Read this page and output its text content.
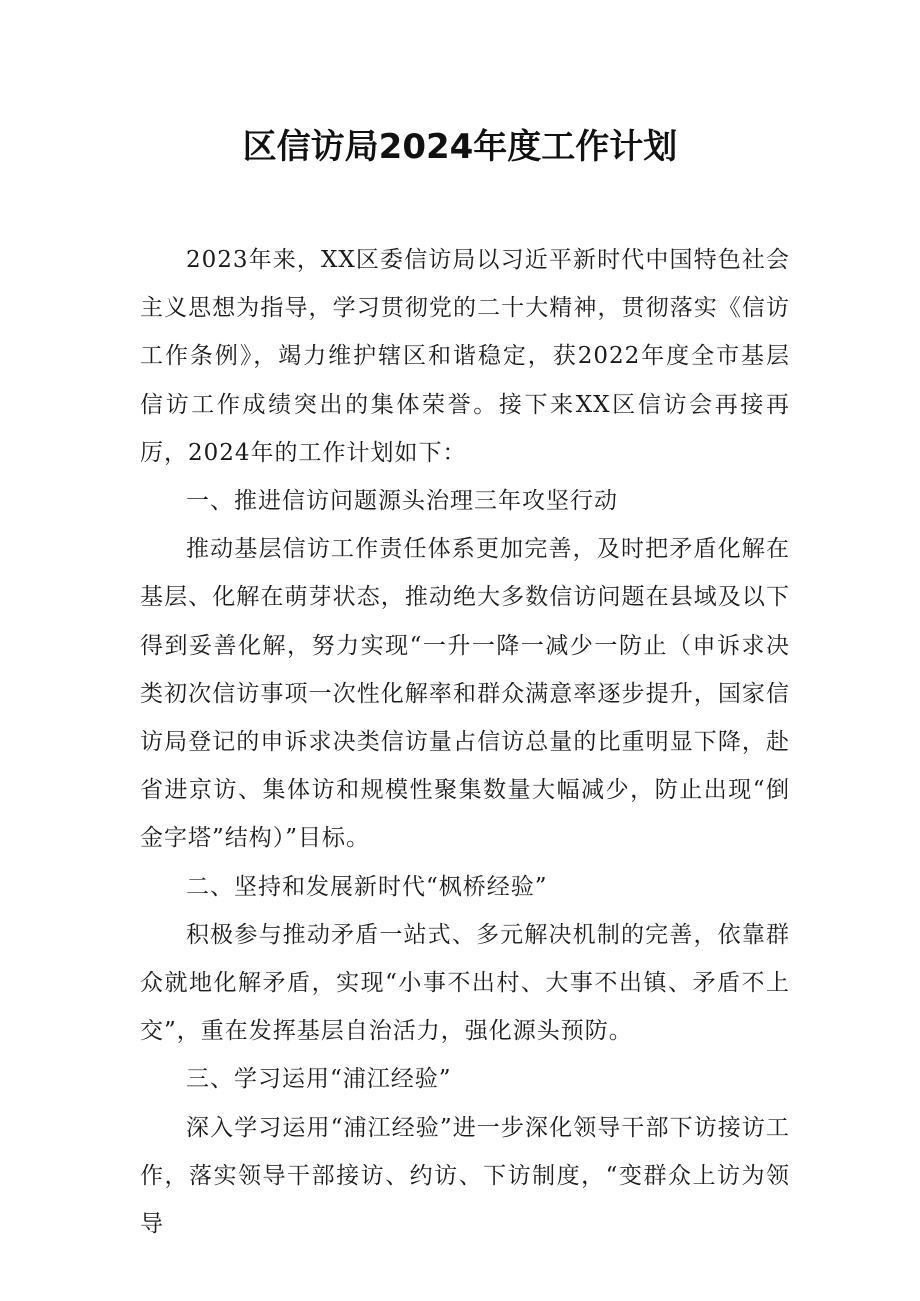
区信访局2024年度工作计划

2023年来，XX区委信访局以习近平新时代中国特色社会主义思想为指导，学习贯彻党的二十大精神，贯彻落实《信访工作条例》，竭力维护辖区和谐稳定，获2022年度全市基层信访工作成绩突出的集体荣誉。接下来XX区信访会再接再厉，2024年的工作计划如下：

一、推进信访问题源头治理三年攻坚行动

推动基层信访工作责任体系更加完善，及时把矛盾化解在基层、化解在萌芽状态，推动绝大多数信访问题在县域及以下得到妥善化解，努力实现“一升一降一减少一防止（申诉求决类初次信访事项一次性化解率和群众满意率逐步提升，国家信访局登记的申诉求决类信访量占信访总量的比重明显下降，赴省进京访、集体访和规模性聚集数量大幅减少，防止出现“倒金字塔”结构）”目标。

二、坚持和发展新时代“枫桥经验”

积极参与推动矛盾一站式、多元解决机制的完善，依靠群众就地化解矛盾，实现“小事不出村、大事不出镇、矛盾不上交”，重在发挥基层自治活力，强化源头预防。

三、学习运用“浦江经验”

深入学习运用“浦江经验”进一步深化领导干部下访接访工作，落实领导干部接访、约访、下访制度，“变群众上访为领导
